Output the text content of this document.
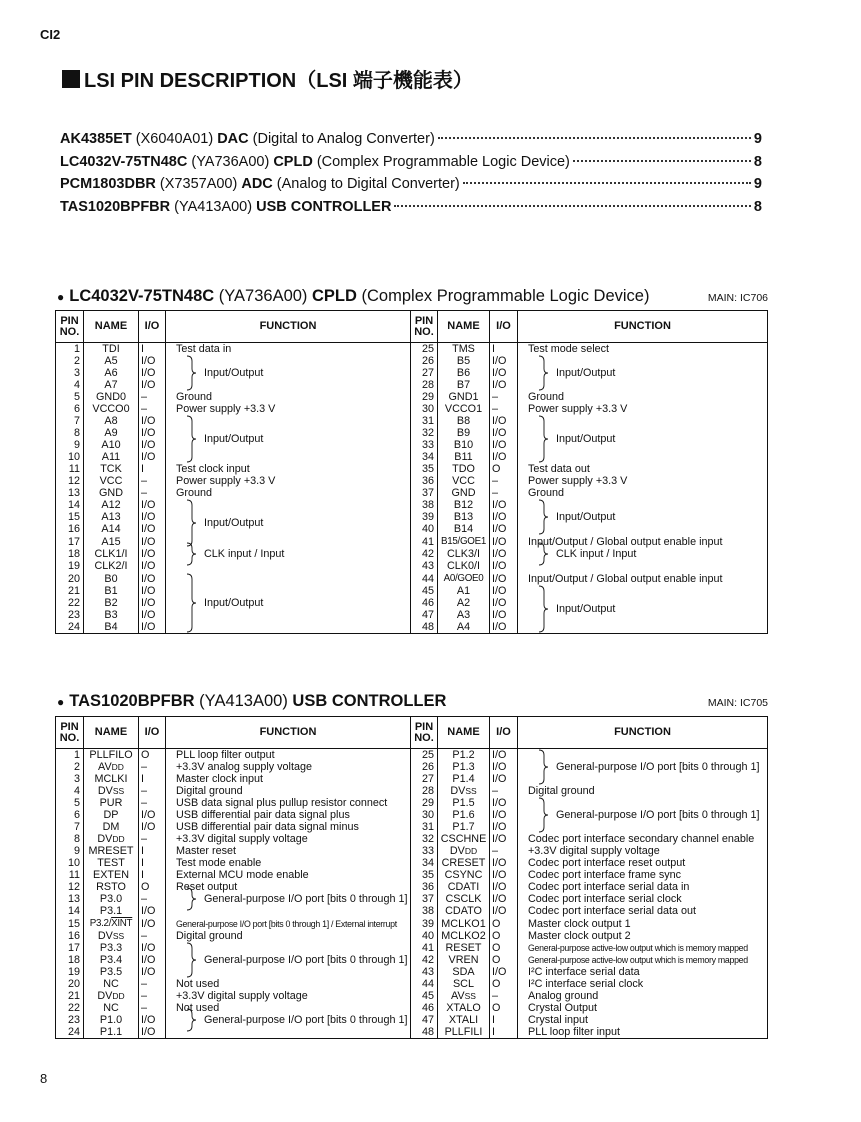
CI2
LSI PIN DESCRIPTION（LSI 端子機能表）
AK4385ET (X6040A01) DAC (Digital to Analog Converter)	9
LC4032V-75TN48C (YA736A00) CPLD (Complex Programmable Logic Device)	8
PCM1803DBR (X7357A00) ADC (Analog to Digital Converter)	9
TAS1020BPFBR (YA413A00) USB CONTROLLER	8
● LC4032V-75TN48C (YA736A00) CPLD (Complex Programmable Logic Device)	MAIN: IC706
PIN
NO.	NAME	I/O	FUNCTION	PIN
NO.	NAME	I/O	FUNCTION
1	TDI	I	Test data in	25	TMS	I	Test mode select
2	A5	I/O	Input/Output	26	B5	I/O	Input/Output

3	A6	I/O		27	B6	I/O	
4	A7	I/O		28	B7	I/O	
5	GND0	–	Ground	29	GND1	–	Ground
6	VCCO0	–	Power supply +3.3 V	30	VCCO1	–	Power supply +3.3 V
7	A8	I/O	Input/Output	31	B8	I/O	Input/Output

8	A9	I/O		32	B9	I/O	
9	A10	I/O		33	B10	I/O	
10	A11	I/O		34	B11	I/O	
11	TCK	I	Test clock input	35	TDO	O	Test data out
12	VCC	–	Power supply +3.3 V	36	VCC	–	Power supply +3.3 V
13	GND	–	Ground	37	GND	–	Ground
14	A12	I/O	Input/Output	38	B12	I/O	Input/Output

15	A13	I/O		39	B13	I/O	
16	A14	I/O		40	B14	I/O	
17	A15	I/O		41	B15/GOE1	I/O	Input/Output / Global output enable input
18	CLK1/I	I/O	CLK input / Input	42	CLK3/I	I/O	CLK input / Input

19	CLK2/I	I/O		43	CLK0/I	I/O	
20	B0	I/O	Input/Output	44	A0/GOE0	I/O	Input/Output / Global output enable input
21	B1	I/O		45	A1	I/O	Input/Output

22	B2	I/O		46	A2	I/O	
23	B3	I/O		47	A3	I/O	
24	B4	I/O		48	A4	I/O	
● TAS1020BPFBR (YA413A00) USB CONTROLLER	MAIN: IC705
PIN
NO.	NAME	I/O	FUNCTION	PIN
NO.	NAME	I/O	FUNCTION
1	PLLFILO	O	PLL loop filter output	25	P1.2	I/O	General-purpose I/O port [bits 0 through 1]

2	AVDD	–	+3.3V analog supply voltage	26	P1.3	I/O	
3	MCLKI	I	Master clock input	27	P1.4	I/O	
4	DVSS	–	Digital ground	28	DVSS	–	Digital ground
5	PUR	–	USB data signal plus pullup resistor connect	29	P1.5	I/O	General-purpose I/O port [bits 0 through 1]

6	DP	I/O	USB differential pair data signal plus	30	P1.6	I/O	
7	DM	I/O	USB differential pair data signal minus	31	P1.7	I/O	
8	DVDD	–	+3.3V digital supply voltage	32	CSCHNE	I/O	Codec port interface secondary channel enable
9	MRESET	I	Master reset	33	DVDD	–	+3.3V digital supply voltage
10	TEST	I	Test mode enable	34	CRESET	I/O	Codec port interface reset output
11	EXTEN	I	External MCU mode enable	35	CSYNC	I/O	Codec port interface frame sync
12	RSTO	O	Reset output	36	CDATI	I/O	Codec port interface serial data in
13	P3.0	–	General-purpose I/O port [bits 0 through 1]	37	CSCLK	I/O	Codec port interface serial clock
14	P3.1	I/O		38	CDATO	I/O	Codec port interface serial data out
15	P3.2/XINT	I/O	General-purpose I/O port [bits 0 through 1] / External interrupt	39	MCLKO1	O	Master clock output 1
16	DVSS	–	Digital ground	40	MCLKO2	O	Master clock output 2
17	P3.3	I/O	General-purpose I/O port [bits 0 through 1]	41	RESET	O	General-purpose active-low output which is memory mapped
18	P3.4	I/O		42	VREN	O	General-purpose active-low output which is memory mapped
19	P3.5	I/O		43	SDA	I/O	I²C interface serial data
20	NC	–	Not used	44	SCL	O	I²C interface serial clock
21	DVDD	–	+3.3V digital supply voltage	45	AVSS	–	Analog ground
22	NC	–	Not used	46	XTALO	O	Crystal Output
23	P1.0	I/O	General-purpose I/O port [bits 0 through 1]	47	XTALI	I	Crystal input
24	P1.1	I/O		48	PLLFILI	I	PLL loop filter input
8
